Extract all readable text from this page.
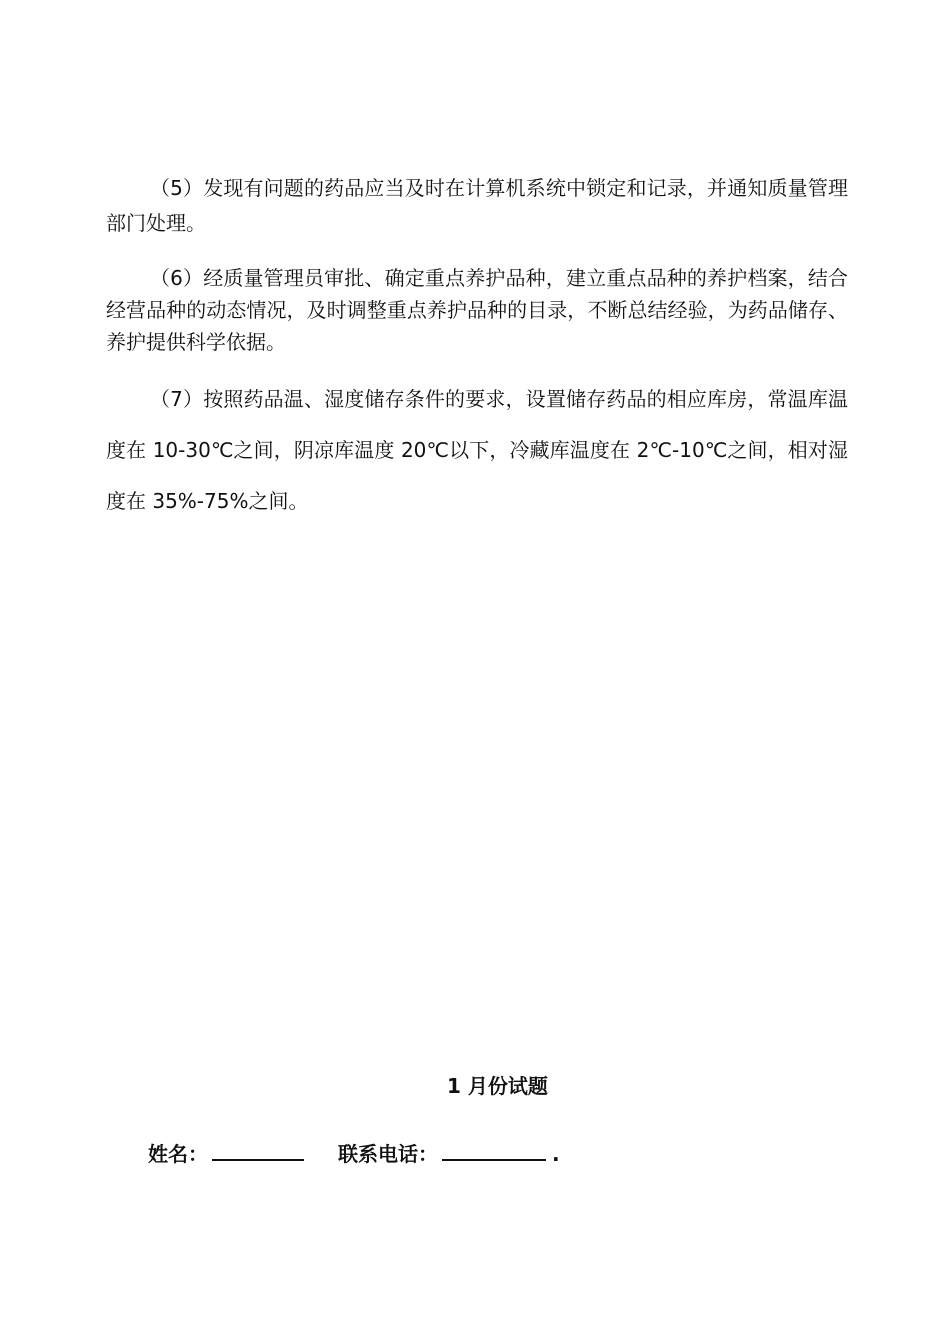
（5）发现有问题的药品应当及时在计算机系统中锁定和记录，并通知质量管理部门处理。

（6）经质量管理员审批、确定重点养护品种，建立重点品种的养护档案，结合经营品种的动态情况，及时调整重点养护品种的目录，不断总结经验，为药品储存、养护提供科学依据。

（7）按照药品温、湿度储存条件的要求，设置储存药品的相应库房，常温库温度在 10-30℃之间，阴凉库温度 20℃以下，冷藏库温度在 2℃-10℃之间，相对湿度在 35%-75%之间。

1 月份试题
姓名：	联系电话：	.
